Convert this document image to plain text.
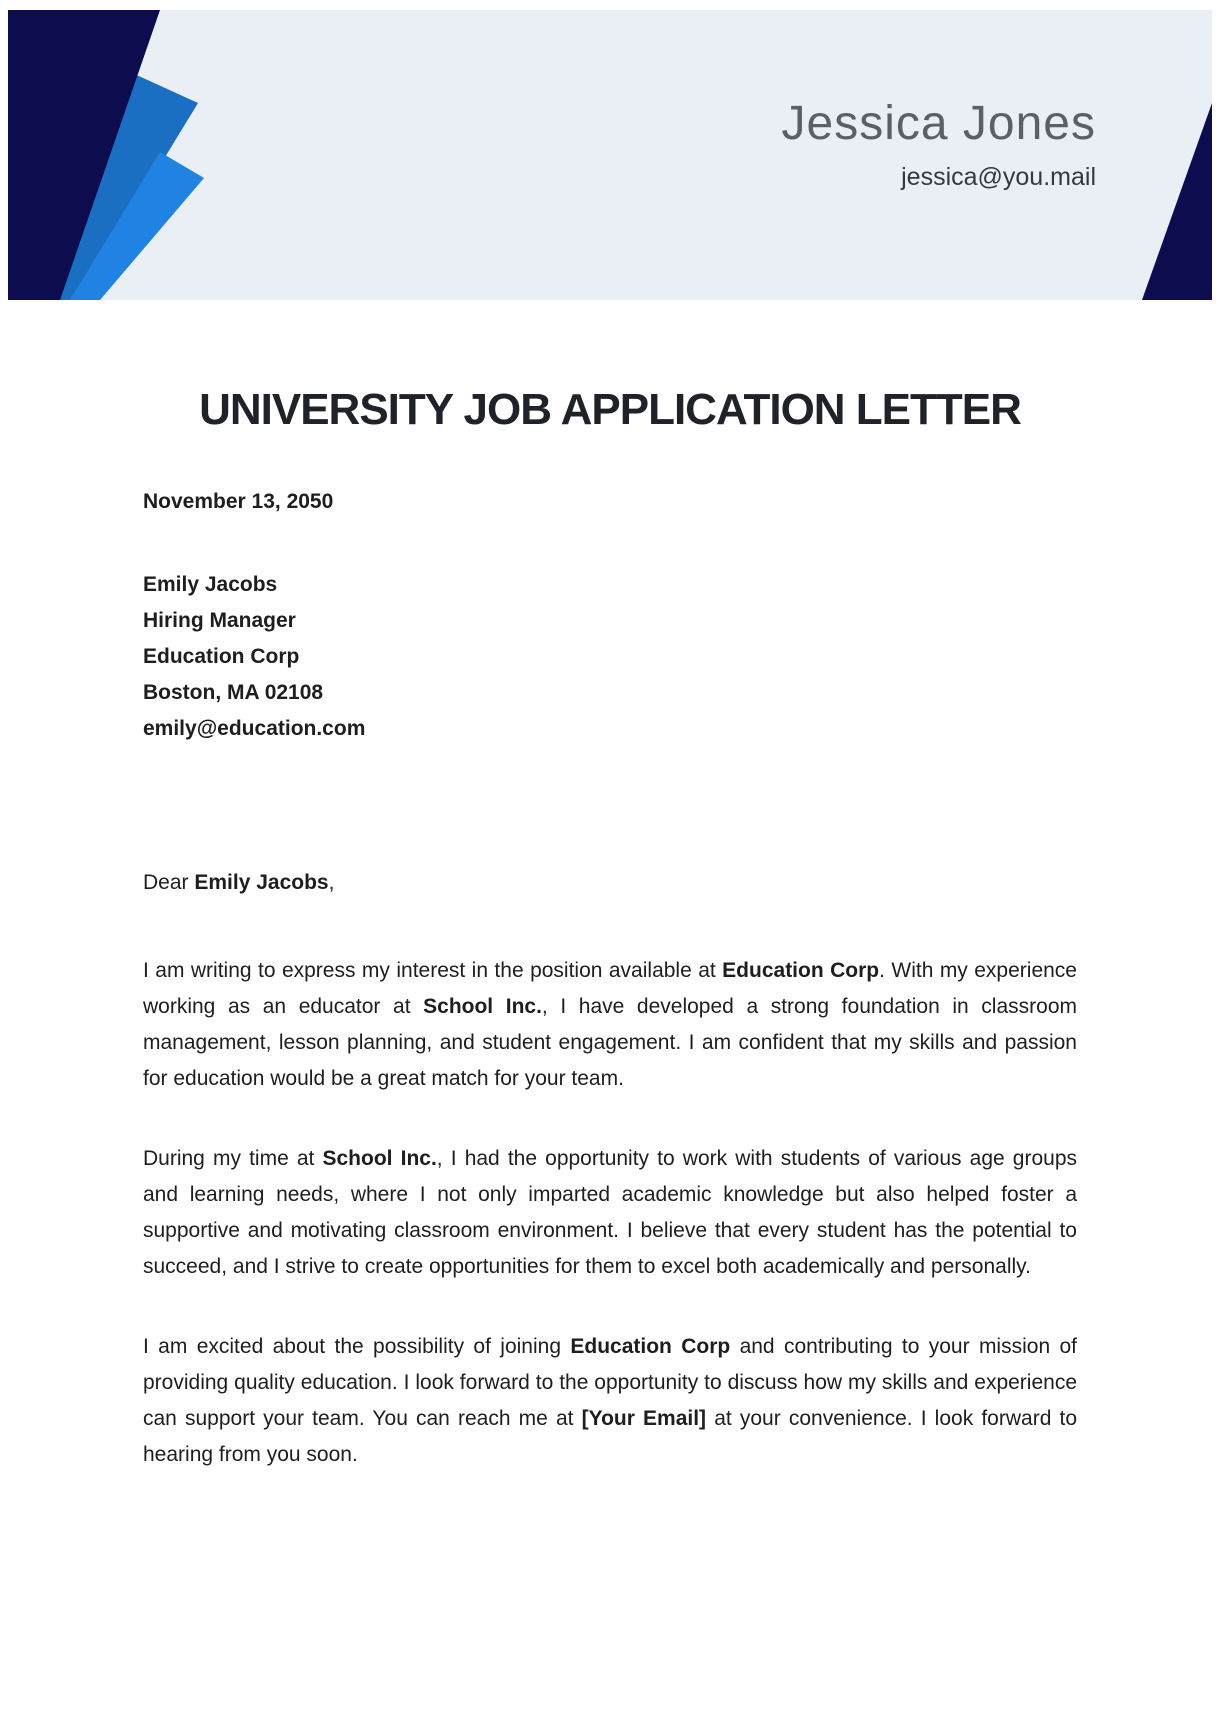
Jessica Jones
jessica@you.mail
UNIVERSITY JOB APPLICATION LETTER
November 13, 2050
Emily Jacobs
Hiring Manager
Education Corp
Boston, MA 02108
emily@education.com
Dear Emily Jacobs,

I am writing to express my interest in the position available at Education Corp. With my experience working as an educator at School Inc., I have developed a strong foundation in classroom management, lesson planning, and student engagement. I am confident that my skills and passion for education would be a great match for your team.

During my time at School Inc., I had the opportunity to work with students of various age groups and learning needs, where I not only imparted academic knowledge but also helped foster a supportive and motivating classroom environment. I believe that every student has the potential to succeed, and I strive to create opportunities for them to excel both academically and personally.

I am excited about the possibility of joining Education Corp and contributing to your mission of providing quality education. I look forward to the opportunity to discuss how my skills and experience can support your team. You can reach me at [Your Email] at your convenience. I look forward to hearing from you soon.
